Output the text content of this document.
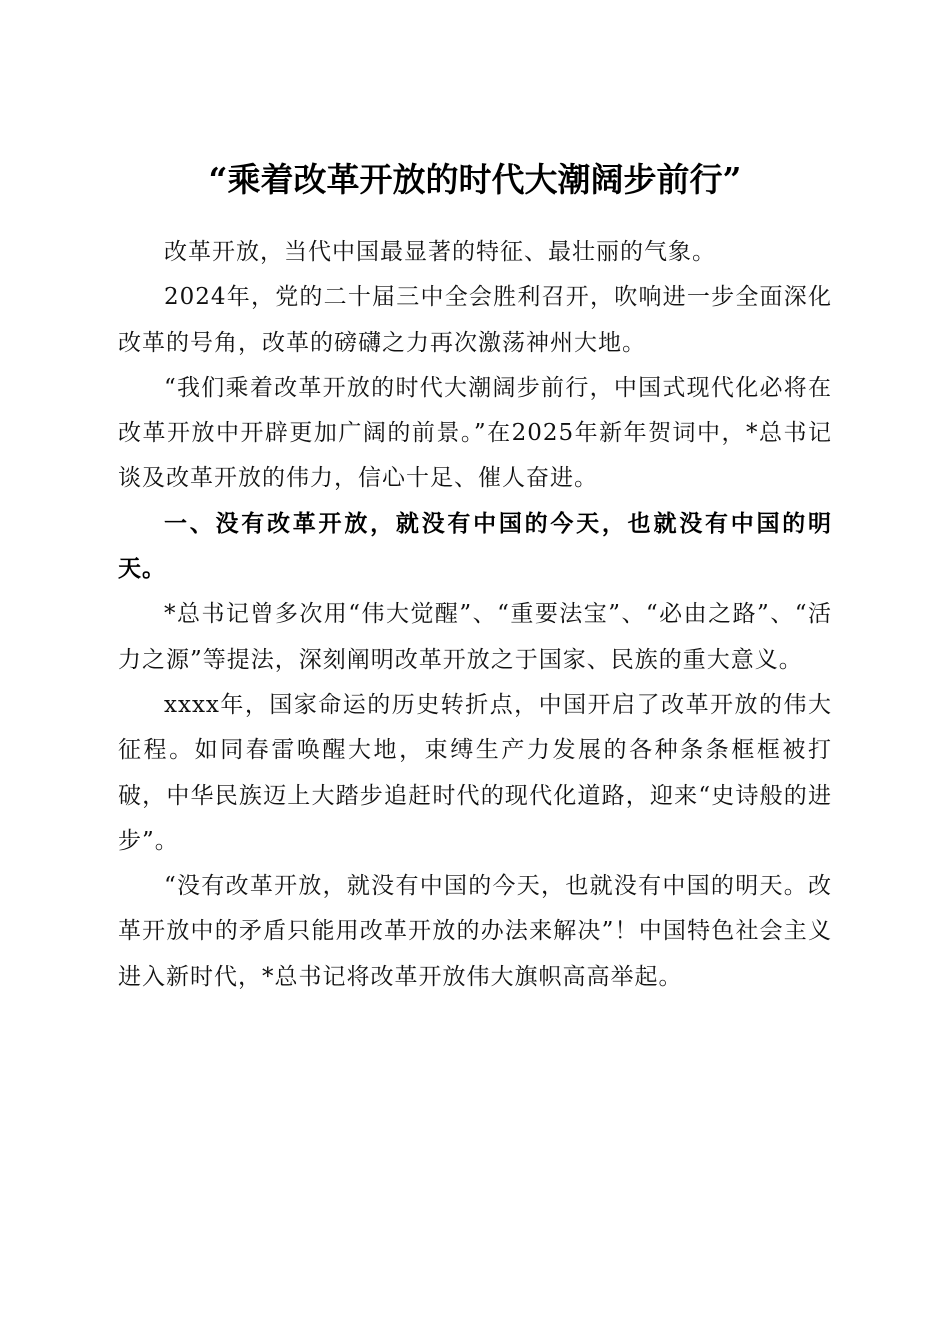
“乘着改革开放的时代大潮阔步前行”

改革开放，当代中国最显著的特征、最壮丽的气象。

2024年，党的二十届三中全会胜利召开，吹响进一步全面深化改革的号角，改革的磅礴之力再次激荡神州大地。

“我们乘着改革开放的时代大潮阔步前行，中国式现代化必将在改革开放中开辟更加广阔的前景。”在2025年新年贺词中，*总书记谈及改革开放的伟力，信心十足、催人奋进。

一、没有改革开放，就没有中国的今天，也就没有中国的明天。

*总书记曾多次用“伟大觉醒”、“重要法宝”、“必由之路”、“活力之源”等提法，深刻阐明改革开放之于国家、民族的重大意义。

xxxx年，国家命运的历史转折点，中国开启了改革开放的伟大征程。如同春雷唤醒大地，束缚生产力发展的各种条条框框被打破，中华民族迈上大踏步追赶时代的现代化道路，迎来“史诗般的进步”。

“没有改革开放，就没有中国的今天，也就没有中国的明天。改革开放中的矛盾只能用改革开放的办法来解决”！中国特色社会主义进入新时代，*总书记将改革开放伟大旗帜高高举起。
